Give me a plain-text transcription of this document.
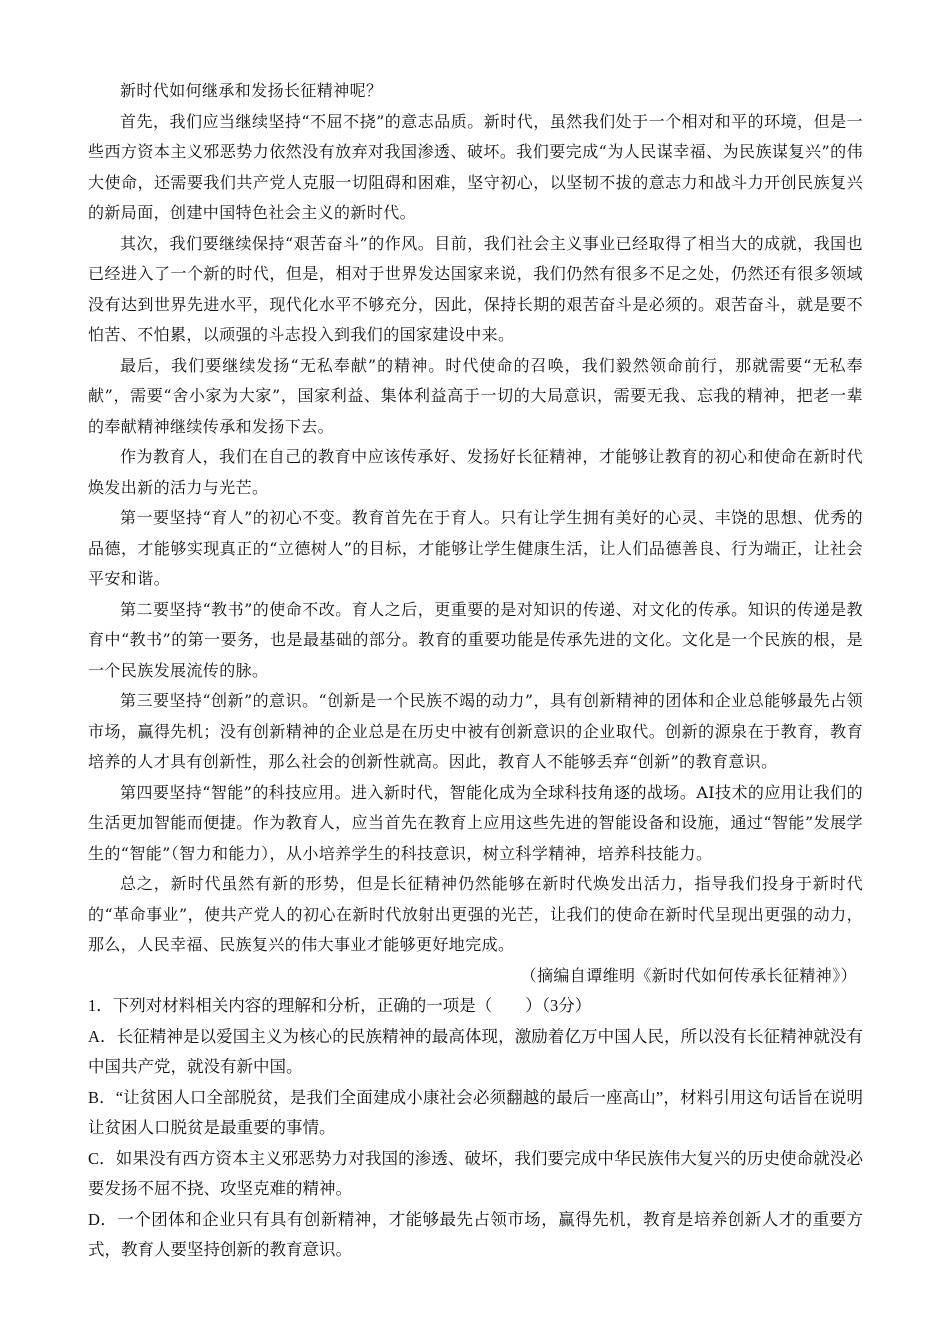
新时代如何继承和发扬长征精神呢？

首先，我们应当继续坚持“不屈不挠”的意志品质。新时代，虽然我们处于一个相对和平的环境，但是一些西方资本主义邪恶势力依然没有放弃对我国渗透、破坏。我们要完成“为人民谋幸福、为民族谋复兴”的伟大使命，还需要我们共产党人克服一切阻碍和困难，坚守初心，以坚韧不拔的意志力和战斗力开创民族复兴的新局面，创建中国特色社会主义的新时代。

其次，我们要继续保持“艰苦奋斗”的作风。目前，我们社会主义事业已经取得了相当大的成就，我国也已经进入了一个新的时代，但是，相对于世界发达国家来说，我们仍然有很多不足之处，仍然还有很多领域没有达到世界先进水平，现代化水平不够充分，因此，保持长期的艰苦奋斗是必须的。艰苦奋斗，就是要不怕苦、不怕累，以顽强的斗志投入到我们的国家建设中来。

最后，我们要继续发扬“无私奉献”的精神。时代使命的召唤，我们毅然领命前行，那就需要“无私奉献”，需要“舍小家为大家”，国家利益、集体利益高于一切的大局意识，需要无我、忘我的精神，把老一辈的奉献精神继续传承和发扬下去。

作为教育人，我们在自己的教育中应该传承好、发扬好长征精神，才能够让教育的初心和使命在新时代焕发出新的活力与光芒。

第一要坚持“育人”的初心不变。教育首先在于育人。只有让学生拥有美好的心灵、丰饶的思想、优秀的品德，才能够实现真正的“立德树人”的目标，才能够让学生健康生活，让人们品德善良、行为端正，让社会平安和谐。

第二要坚持“教书”的使命不改。育人之后，更重要的是对知识的传递、对文化的传承。知识的传递是教育中“教书”的第一要务，也是最基础的部分。教育的重要功能是传承先进的文化。文化是一个民族的根，是一个民族发展流传的脉。

第三要坚持“创新”的意识。“创新是一个民族不竭的动力”，具有创新精神的团体和企业总能够最先占领市场，赢得先机；没有创新精神的企业总是在历史中被有创新意识的企业取代。创新的源泉在于教育，教育培养的人才具有创新性，那么社会的创新性就高。因此，教育人不能够丢弃“创新”的教育意识。

第四要坚持“智能”的科技应用。进入新时代，智能化成为全球科技角逐的战场。AI技术的应用让我们的生活更加智能而便捷。作为教育人，应当首先在教育上应用这些先进的智能设备和设施，通过“智能”发展学生的“智能”（智力和能力），从小培养学生的科技意识，树立科学精神，培养科技能力。

总之，新时代虽然有新的形势，但是长征精神仍然能够在新时代焕发出活力，指导我们投身于新时代的“革命事业”，使共产党人的初心在新时代放射出更强的光芒，让我们的使命在新时代呈现出更强的动力，那么，人民幸福、民族复兴的伟大事业才能够更好地完成。

（摘编自谭维明《新时代如何传承长征精神》）

1．下列对材料相关内容的理解和分析，正确的一项是（　　）（3分）

A．长征精神是以爱国主义为核心的民族精神的最高体现，激励着亿万中国人民，所以没有长征精神就没有中国共产党，就没有新中国。

B．“让贫困人口全部脱贫，是我们全面建成小康社会必须翻越的最后一座高山”，材料引用这句话旨在说明让贫困人口脱贫是最重要的事情。

C．如果没有西方资本主义邪恶势力对我国的渗透、破坏，我们要完成中华民族伟大复兴的历史使命就没必要发扬不屈不挠、攻坚克难的精神。

D．一个团体和企业只有具有创新精神，才能够最先占领市场，赢得先机，教育是培养创新人才的重要方式，教育人要坚持创新的教育意识。
